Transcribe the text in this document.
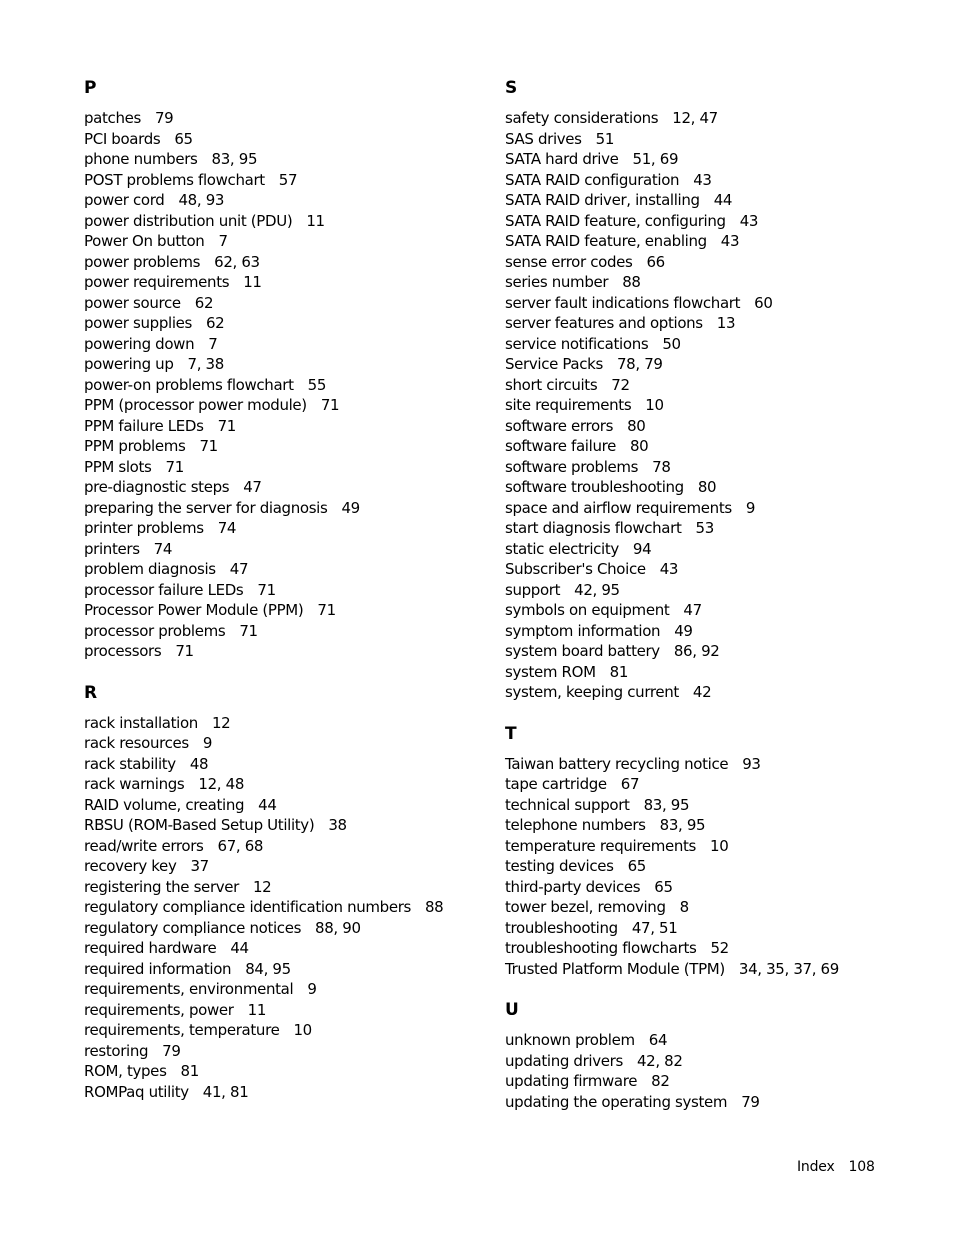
P
patches 79
PCI boards 65
phone numbers 83, 95
POST problems flowchart 57
power cord 48, 93
power distribution unit (PDU) 11
Power On button 7
power problems 62, 63
power requirements 11
power source 62
power supplies 62
powering down 7
powering up 7, 38
power-on problems flowchart 55
PPM (processor power module) 71
PPM failure LEDs 71
PPM problems 71
PPM slots 71
pre-diagnostic steps 47
preparing the server for diagnosis 49
printer problems 74
printers 74
problem diagnosis 47
processor failure LEDs 71
Processor Power Module (PPM) 71
processor problems 71
processors 71
R
rack installation 12
rack resources 9
rack stability 48
rack warnings 12, 48
RAID volume, creating 44
RBSU (ROM-Based Setup Utility) 38
read/write errors 67, 68
recovery key 37
registering the server 12
regulatory compliance identification numbers 88
regulatory compliance notices 88, 90
required hardware 44
required information 84, 95
requirements, environmental 9
requirements, power 11
requirements, temperature 10
restoring 79
ROM, types 81
ROMPaq utility 41, 81
S
safety considerations 12, 47
SAS drives 51
SATA hard drive 51, 69
SATA RAID configuration 43
SATA RAID driver, installing 44
SATA RAID feature, configuring 43
SATA RAID feature, enabling 43
sense error codes 66
series number 88
server fault indications flowchart 60
server features and options 13
service notifications 50
Service Packs 78, 79
short circuits 72
site requirements 10
software errors 80
software failure 80
software problems 78
software troubleshooting 80
space and airflow requirements 9
start diagnosis flowchart 53
static electricity 94
Subscriber's Choice 43
support 42, 95
symbols on equipment 47
symptom information 49
system board battery 86, 92
system ROM 81
system, keeping current 42
T
Taiwan battery recycling notice 93
tape cartridge 67
technical support 83, 95
telephone numbers 83, 95
temperature requirements 10
testing devices 65
third-party devices 65
tower bezel, removing 8
troubleshooting 47, 51
troubleshooting flowcharts 52
Trusted Platform Module (TPM) 34, 35, 37, 69
U
unknown problem 64
updating drivers 42, 82
updating firmware 82
updating the operating system 79
Index 108
